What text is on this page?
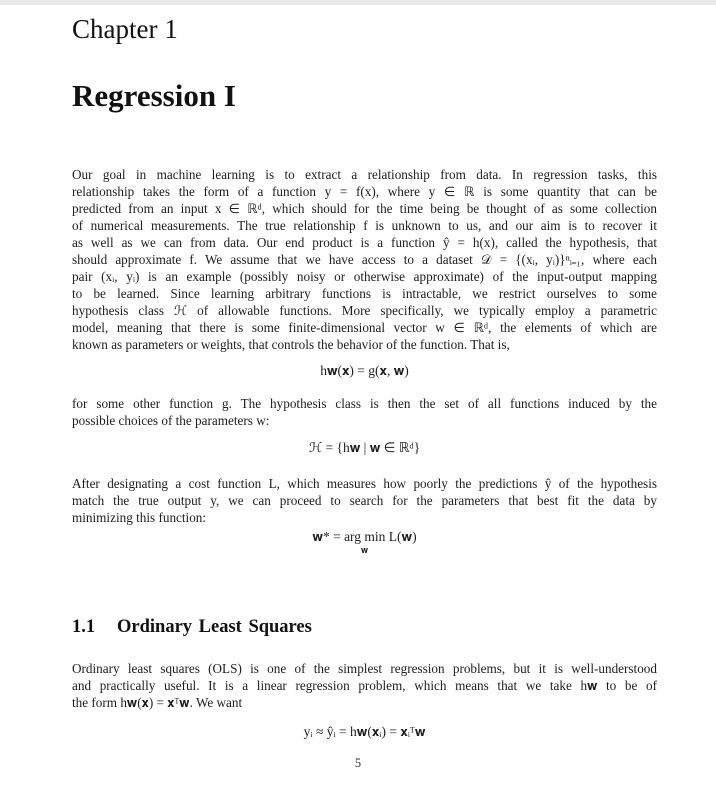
Chapter 1
Regression I
Our goal in machine learning is to extract a relationship from data. In regression tasks, this
relationship takes the form of a function y = f(x), where y ∈ ℝ is some quantity that can be
predicted from an input x ∈ ℝᵈ, which should for the time being be thought of as some collection
of numerical measurements. The true relationship f is unknown to us, and our aim is to recover it
as well as we can from data. Our end product is a function ŷ = h(x), called the hypothesis, that
should approximate f. We assume that we have access to a dataset 𝒟 = {(xᵢ, yᵢ)}ⁿᵢ₌₁, where each
pair (xᵢ, yᵢ) is an example (possibly noisy or otherwise approximate) of the input-output mapping
to be learned. Since learning arbitrary functions is intractable, we restrict ourselves to some
hypothesis class ℋ of allowable functions. More specifically, we typically employ a parametric
model, meaning that there is some finite-dimensional vector w ∈ ℝᵈ, the elements of which are
known as parameters or weights, that controls the behavior of the function. That is,
h𝐰(𝐱) = g(𝐱, 𝐰)
for some other function g. The hypothesis class is then the set of all functions induced by the
possible choices of the parameters w:
ℋ = {h𝐰 | 𝐰 ∈ ℝᵈ}
After designating a cost function L, which measures how poorly the predictions ŷ of the hypothesis
match the true output y, we can proceed to search for the parameters that best fit the data by
minimizing this function:
𝐰* = arg min L(𝐰)
𝐰
1.1 Ordinary Least Squares
Ordinary least squares (OLS) is one of the simplest regression problems, but it is well-understood
and practically useful. It is a linear regression problem, which means that we take h𝐰 to be of
the form h𝐰(𝐱) = 𝐱ᵀ𝐰. We want
yᵢ ≈ ŷᵢ = h𝐰(𝐱ᵢ) = 𝐱ᵢᵀ𝐰
5
